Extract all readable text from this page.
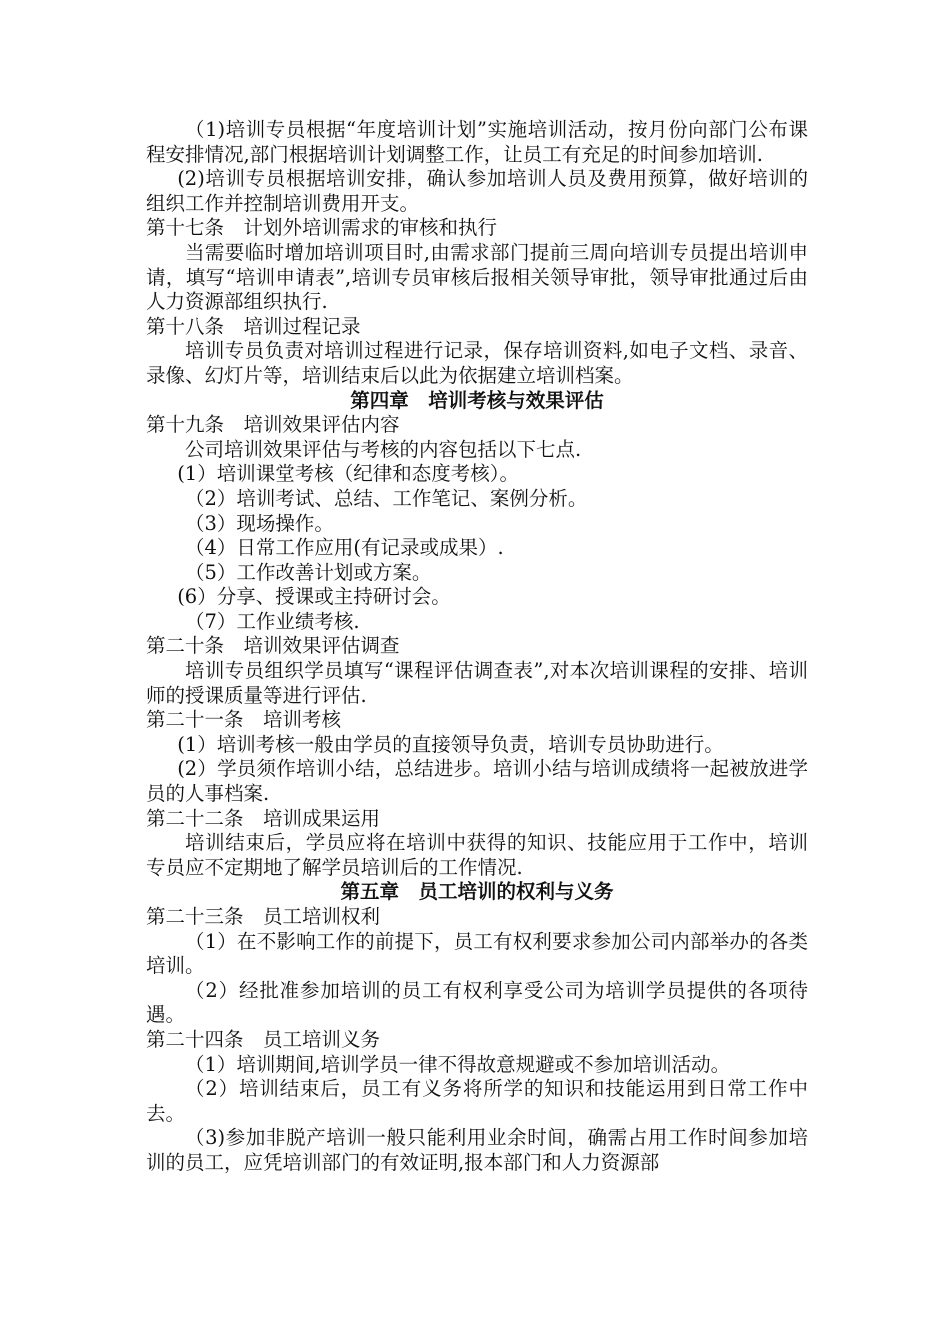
（1)培训专员根据“年度培训计划”实施培训活动，按月份向部门公布课程安排情况,部门根据培训计划调整工作，让员工有充足的时间参加培训.

(2)培训专员根据培训安排，确认参加培训人员及费用预算，做好培训的组织工作并控制培训费用开支。

第十七条　计划外培训需求的审核和执行

当需要临时增加培训项目时,由需求部门提前三周向培训专员提出培训申请，填写“培训申请表”,培训专员审核后报相关领导审批，领导审批通过后由人力资源部组织执行.

第十八条　培训过程记录

培训专员负责对培训过程进行记录，保存培训资料,如电子文档、录音、录像、幻灯片等，培训结束后以此为依据建立培训档案。

第四章　培训考核与效果评估

第十九条　培训效果评估内容

公司培训效果评估与考核的内容包括以下七点.

(1）培训课堂考核（纪律和态度考核）。

（2）培训考试、总结、工作笔记、案例分析。

（3）现场操作。

（4）日常工作应用(有记录或成果）.

（5）工作改善计划或方案。

(6）分享、授课或主持研讨会。

（7）工作业绩考核.

第二十条　培训效果评估调查

培训专员组织学员填写“课程评估调查表”,对本次培训课程的安排、培训师的授课质量等进行评估.

第二十一条　培训考核

(1）培训考核一般由学员的直接领导负责，培训专员协助进行。

(2）学员须作培训小结，总结进步。培训小结与培训成绩将一起被放进学员的人事档案.

第二十二条　培训成果运用

培训结束后，学员应将在培训中获得的知识、技能应用于工作中，培训专员应不定期地了解学员培训后的工作情况.

第五章　员工培训的权利与义务

第二十三条　员工培训权利

（1）在不影响工作的前提下，员工有权利要求参加公司内部举办的各类培训。

（2）经批准参加培训的员工有权利享受公司为培训学员提供的各项待遇。

第二十四条　员工培训义务

（1）培训期间,培训学员一律不得故意规避或不参加培训活动。

（2）培训结束后，员工有义务将所学的知识和技能运用到日常工作中去。

（3)参加非脱产培训一般只能利用业余时间，确需占用工作时间参加培训的员工，应凭培训部门的有效证明,报本部门和人力资源部
